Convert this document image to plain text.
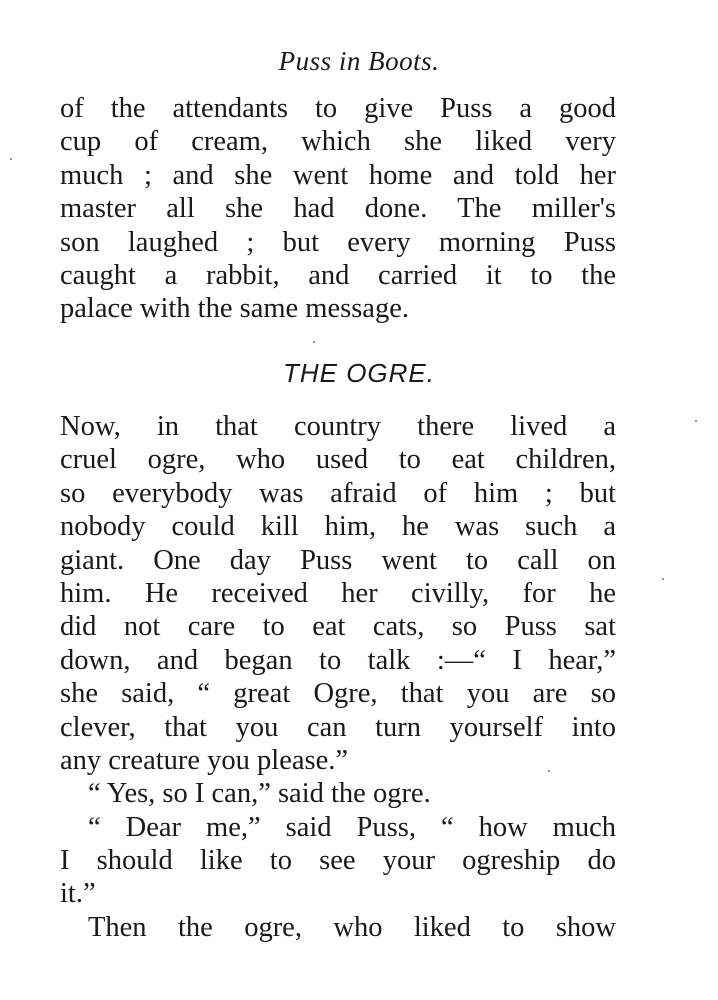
Puss in Boots.
of the attendants to give Puss a good
cup of cream, which she liked very
much ; and she went home and told her
master all she had done. The miller's
son laughed ; but every morning Puss
caught a rabbit, and carried it to the
palace with the same message.
THE OGRE.
Now, in that country there lived a
cruel ogre, who used to eat children,
so everybody was afraid of him ; but
nobody could kill him, he was such a
giant. One day Puss went to call on
him. He received her civilly, for he
did not care to eat cats, so Puss sat
down, and began to talk :—“ I hear,”
she said, “ great Ogre, that you are so
clever, that you can turn yourself into
any creature you please.”
“ Yes, so I can,” said the ogre.
“ Dear me,” said Puss, “ how much
I should like to see your ogreship do
it.”
Then the ogre, who liked to show
